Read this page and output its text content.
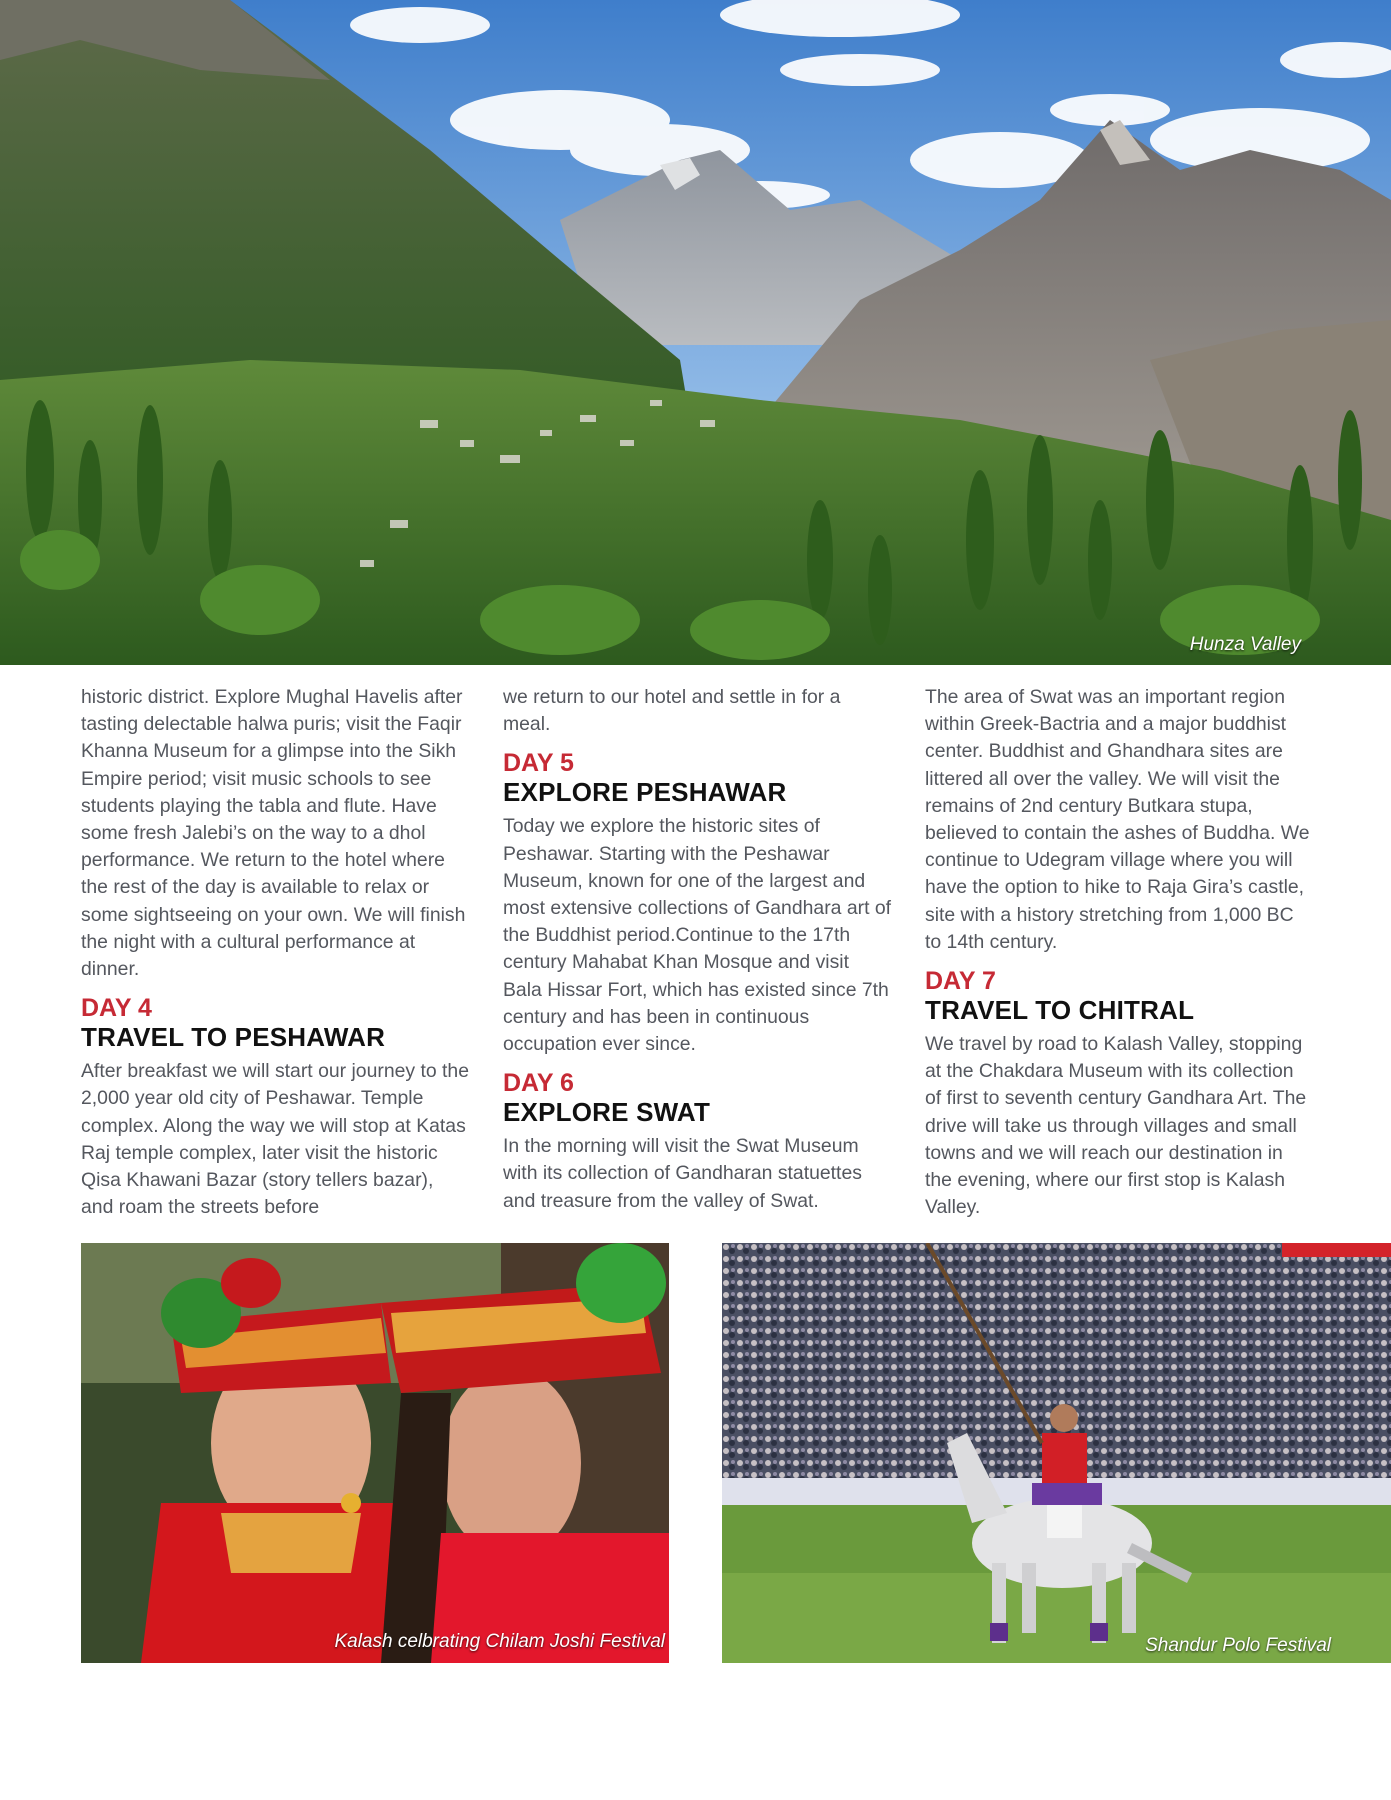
Hunza Valley

historic district. Explore Mughal Havelis after tasting delectable halwa puris; visit the Faqir Khanna Museum for a glimpse into the Sikh Empire period; visit music schools to see students playing the tabla and flute. Have some fresh Jalebi’s on the way to a dhol performance. We return to the hotel where the rest of the day is available to relax or some sightseeing on your own. We will finish the night with a cultural performance at dinner.

DAY 4
TRAVEL TO PESHAWAR

After breakfast we will start our journey to the 2,000 year old city of Peshawar. Temple complex. Along the way we will stop at Katas Raj temple complex, later visit the historic Qisa Khawani Bazar (story tellers bazar), and roam the streets before

we return to our hotel and settle in for a meal.

DAY 5
EXPLORE PESHAWAR

Today we explore the historic sites of Peshawar. Starting with the Peshawar Museum, known for one of the largest and most extensive collections of Gandhara art of the Buddhist period.Continue to the 17th century Mahabat Khan Mosque and visit Bala Hissar Fort, which has existed since 7th century and has been in continuous occupation ever since.

DAY 6
EXPLORE SWAT

In the morning will visit the Swat Museum with its collection of Gandharan statuettes and treasure from the valley of Swat.

The area of Swat was an important region within Greek-Bactria and a major buddhist center. Buddhist and Ghandhara sites are littered all over the valley. We will visit the remains of 2nd century Butkara stupa, believed to contain the ashes of Buddha. We continue to Udegram village where you will have the option to hike to Raja Gira’s castle, site with a history stretching from 1,000 BC to 14th century.

DAY 7
TRAVEL TO CHITRAL

We travel by road to Kalash Valley, stopping at the Chakdara Museum with its collection of first to seventh century Gandhara Art. The drive will take us through villages and small towns and we will reach our destination in the evening, where our first stop is Kalash Valley.

Kalash celbrating Chilam Joshi Festival	Shandur Polo Festival
